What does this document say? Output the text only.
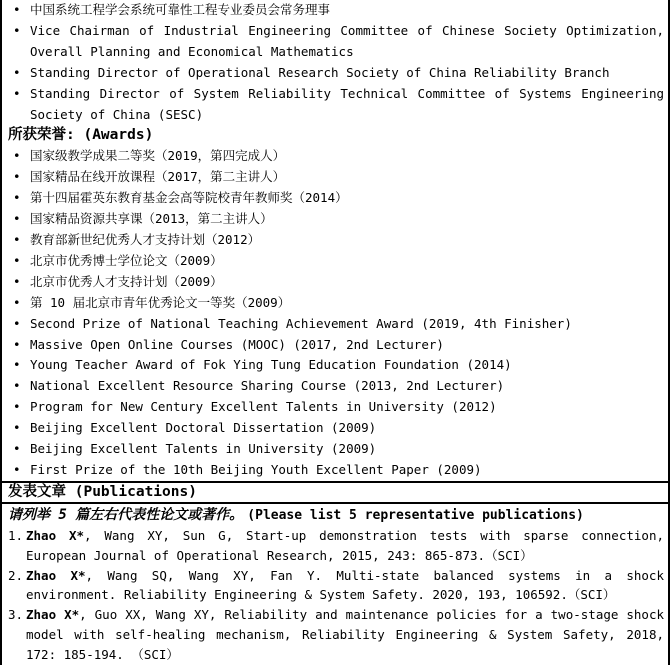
• 中国系统工程学会系统可靠性工程专业委员会常务理事
• Vice Chairman of Industrial Engineering Committee of Chinese Society Optimization,
Overall Planning and Economical Mathematics
• Standing Director of Operational Research Society of China Reliability Branch
• Standing Director of System Reliability Technical Committee of Systems Engineering
Society of China (SESC)
所获荣誉: (Awards)
• 国家级教学成果二等奖（2019，第四完成人）
• 国家精品在线开放课程（2017，第二主讲人）
• 第十四届霍英东教育基金会高等院校青年教师奖（2014）
• 国家精品资源共享课（2013，第二主讲人）
• 教育部新世纪优秀人才支持计划（2012）
• 北京市优秀博士学位论文（2009）
• 北京市优秀人才支持计划（2009）
• 第 10 届北京市青年优秀论文一等奖（2009）
• Second Prize of National Teaching Achievement Award (2019, 4th Finisher)
• Massive Open Online Courses (MOOC) (2017, 2nd Lecturer)
• Young Teacher Award of Fok Ying Tung Education Foundation (2014)
• National Excellent Resource Sharing Course (2013, 2nd Lecturer)
• Program for New Century Excellent Talents in University (2012)
• Beijing Excellent Doctoral Dissertation (2009)
• Beijing Excellent Talents in University (2009)
• First Prize of the 10th Beijing Youth Excellent Paper (2009)
发表文章 (Publications)

请列举 5 篇左右代表性论文或著作。 (Please list 5 representative publications)

1. Zhao X*, Wang XY, Sun G, Start-up demonstration tests with sparse connection,
European Journal of Operational Research, 2015, 243: 865-873.（SCI）
2. Zhao X*, Wang SQ, Wang XY, Fan Y. Multi-state balanced systems in a shock
environment. Reliability Engineering & System Safety. 2020, 193, 106592.（SCI）
3. Zhao X*, Guo XX, Wang XY, Reliability and maintenance policies for a two-stage shock
model with self-healing mechanism, Reliability Engineering & System Safety, 2018,
172: 185-194. （SCI）
